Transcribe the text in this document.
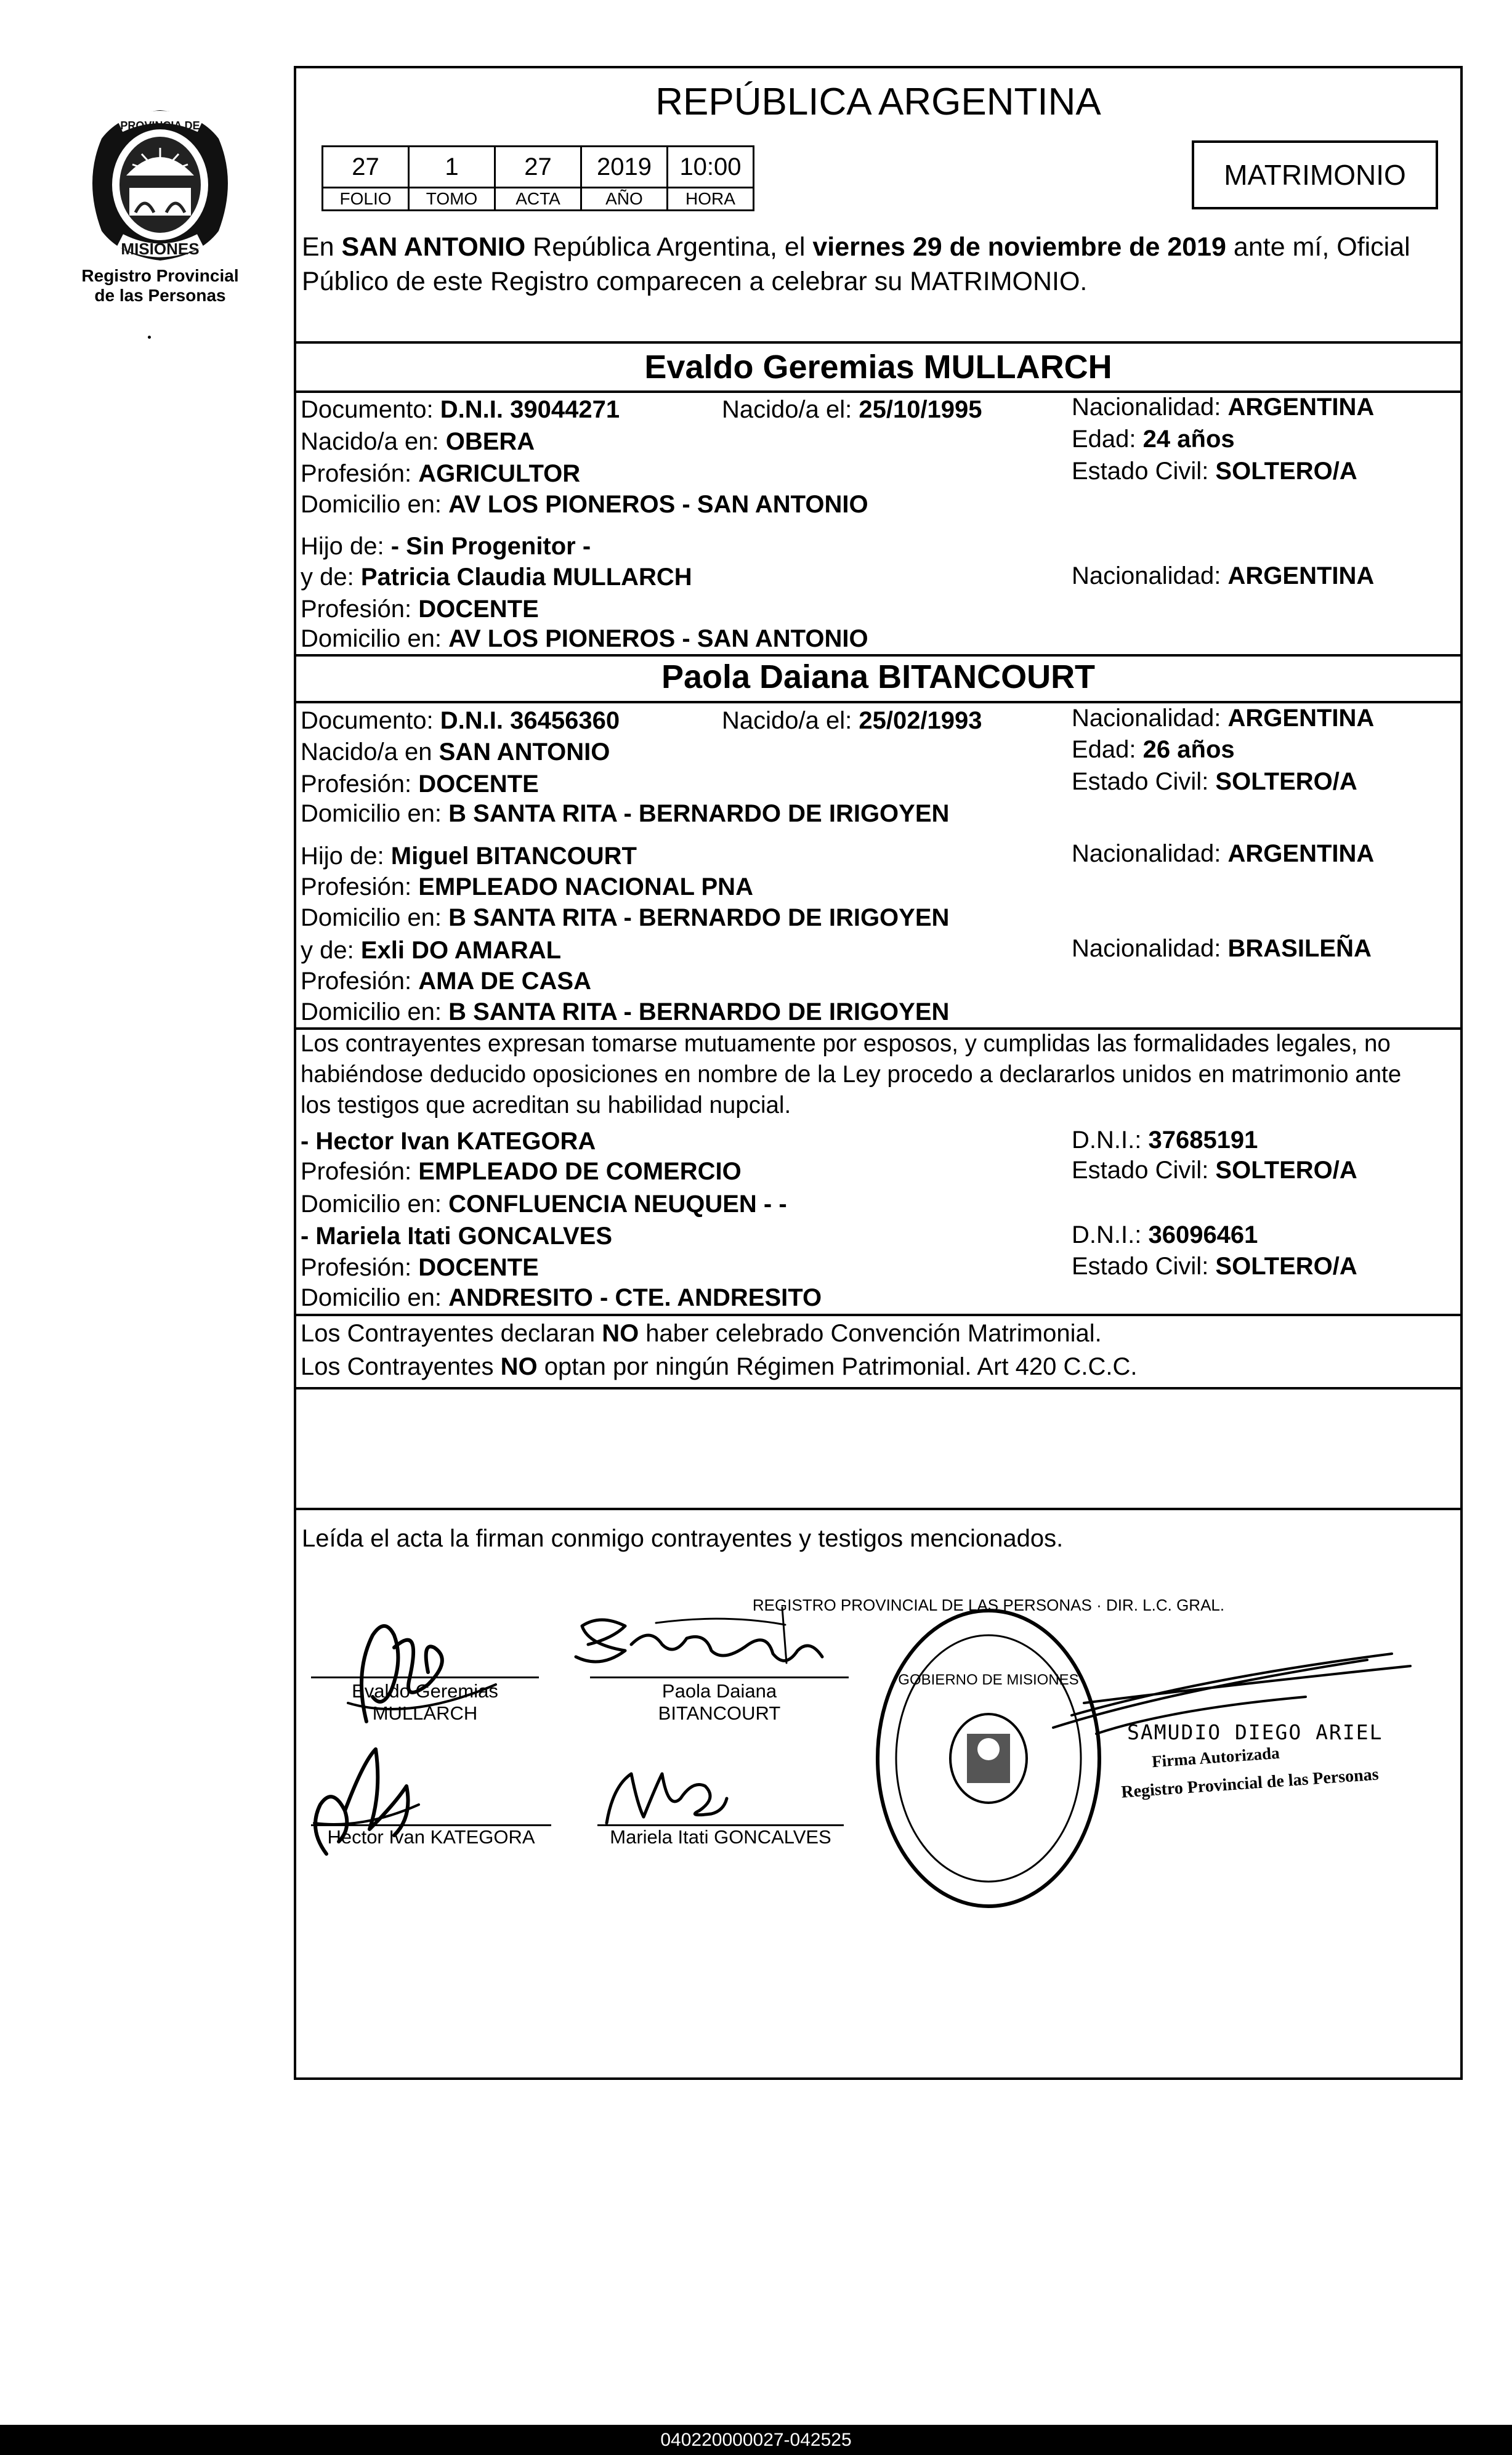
MISIONES
PROVINCIA DE
Registro Provincial
de las Personas
REPÚBLICA ARGENTINA
27	1	27	2019	10:00
FOLIO	TOMO	ACTA	AÑO	HORA
MATRIMONIO
En SAN ANTONIO República Argentina, el viernes 29 de noviembre de 2019 ante mí, Oficial
Público de este Registro comparecen a celebrar su MATRIMONIO.
Evaldo Geremias MULLARCH
Documento: D.N.I. 39044271	Nacido/a el: 25/10/1995	Nacionalidad: ARGENTINA
Nacido/a en: OBERA	Edad: 24 años
Profesión: AGRICULTOR	Estado Civil: SOLTERO/A
Domicilio en: AV LOS PIONEROS - SAN ANTONIO
Hijo de: - Sin Progenitor -
y de: Patricia Claudia MULLARCH	Nacionalidad: ARGENTINA
Profesión: DOCENTE
Domicilio en: AV LOS PIONEROS - SAN ANTONIO
Paola Daiana BITANCOURT
Documento: D.N.I. 36456360	Nacido/a el: 25/02/1993	Nacionalidad: ARGENTINA
Nacido/a en SAN ANTONIO	Edad: 26 años
Profesión: DOCENTE	Estado Civil: SOLTERO/A
Domicilio en: B SANTA RITA - BERNARDO DE IRIGOYEN
Hijo de: Miguel BITANCOURT	Nacionalidad: ARGENTINA
Profesión: EMPLEADO NACIONAL PNA
Domicilio en: B SANTA RITA - BERNARDO DE IRIGOYEN
y de: Exli DO AMARAL	Nacionalidad: BRASILEÑA
Profesión: AMA DE CASA
Domicilio en: B SANTA RITA - BERNARDO DE IRIGOYEN
Los contrayentes expresan tomarse mutuamente por esposos, y cumplidas las formalidades legales, no
habiéndose deducido oposiciones en nombre de la Ley procedo a declararlos unidos en matrimonio ante
los testigos que acreditan su habilidad nupcial.
- Hector Ivan KATEGORA	D.N.I.: 37685191
Profesión: EMPLEADO DE COMERCIO	Estado Civil: SOLTERO/A
Domicilio en: CONFLUENCIA NEUQUEN - -
- Mariela Itati GONCALVES	D.N.I.: 36096461
Profesión: DOCENTE	Estado Civil: SOLTERO/A
Domicilio en: ANDRESITO - CTE. ANDRESITO
Los Contrayentes declaran NO haber celebrado Convención Matrimonial.
Los Contrayentes NO optan por ningún Régimen Patrimonial. Art 420 C.C.C.
Leída el acta la firman conmigo contrayentes y testigos mencionados.
Evaldo Geremias
MULLARCH
Paola Daiana
BITANCOURT
Hector Ivan KATEGORA	Mariela Itati GONCALVES
REGISTRO PROVINCIAL DE LAS PERSONAS · DIR. L.C. GRAL.
GOBIERNO DE MISIONES
SAMUDIO DIEGO ARIEL
Firma Autorizada
Registro Provincial de las Personas
040220000027-042525
